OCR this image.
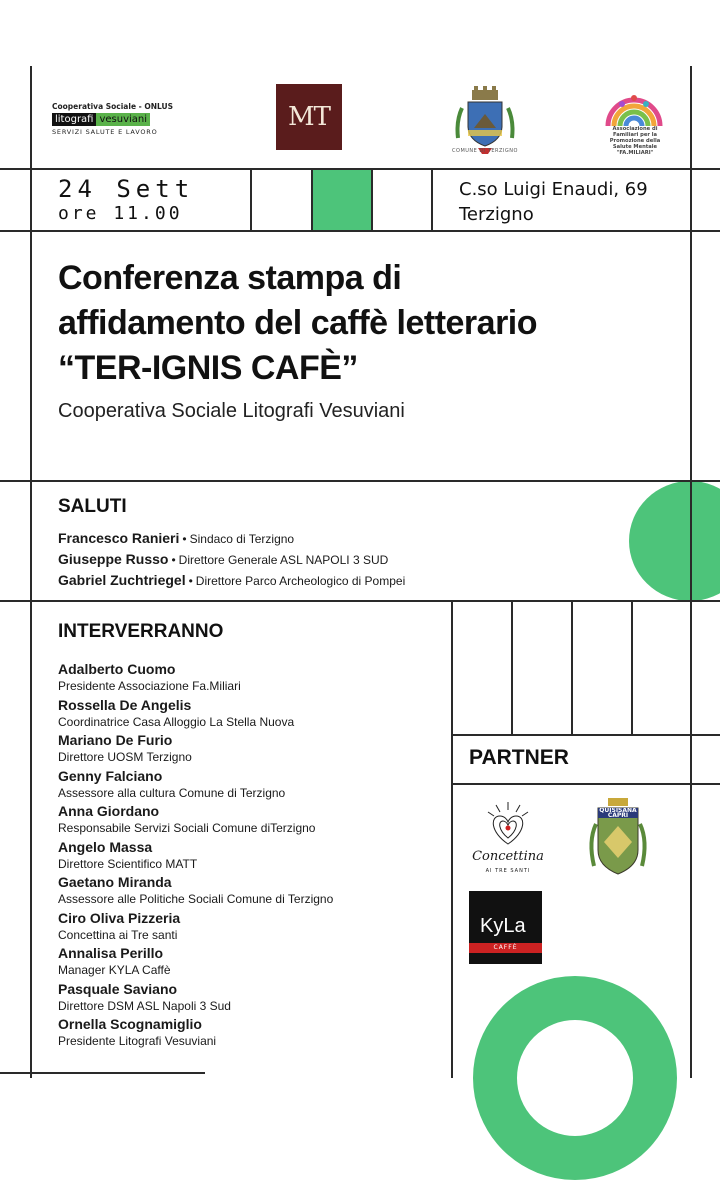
Cooperativa Sociale - ONLUS
litografi vesuviani
SERVIZI SALUTE E LAVORO	MT
COMUNE DI TERZIGNO
Associazione di Familiari per la Promozione della Salute Mentale "FA.MILIARI"
24 Sett
ore 11.00
C.so Luigi Enaudi, 69
Terzigno
Conferenza stampa di
affidamento del caffè letterario
“TER-IGNIS CAFÈ”
Cooperativa Sociale Litografi Vesuviani
SALUTI
Francesco Ranieri • Sindaco di Terzigno
Giuseppe Russo • Direttore Generale ASL NAPOLI 3 SUD
Gabriel Zuchtriegel • Direttore Parco Archeologico di Pompei
INTERVERRANNO
Adalberto Cuomo
Presidente Associazione Fa.Miliari
Rossella De Angelis
Coordinatrice Casa Alloggio La Stella Nuova
Mariano De Furio
Direttore UOSM Terzigno
Genny Falciano
Assessore alla cultura Comune di Terzigno
Anna Giordano
Responsabile Servizi Sociali Comune diTerzigno
Angelo Massa
Direttore Scientifico MATT
Gaetano Miranda
Assessore alle Politiche Sociali Comune di Terzigno
Ciro Oliva Pizzeria
Concettina ai Tre santi
Annalisa Perillo
Manager KYLA Caffè
Pasquale Saviano
Direttore DSM ASL Napoli 3 Sud
Ornella Scognamiglio
Presidente Litografi Vesuviani
PARTNER
Concettina
AI TRE SANTI
QUISISANA CAPRI
KyLa
CAFFÈ
